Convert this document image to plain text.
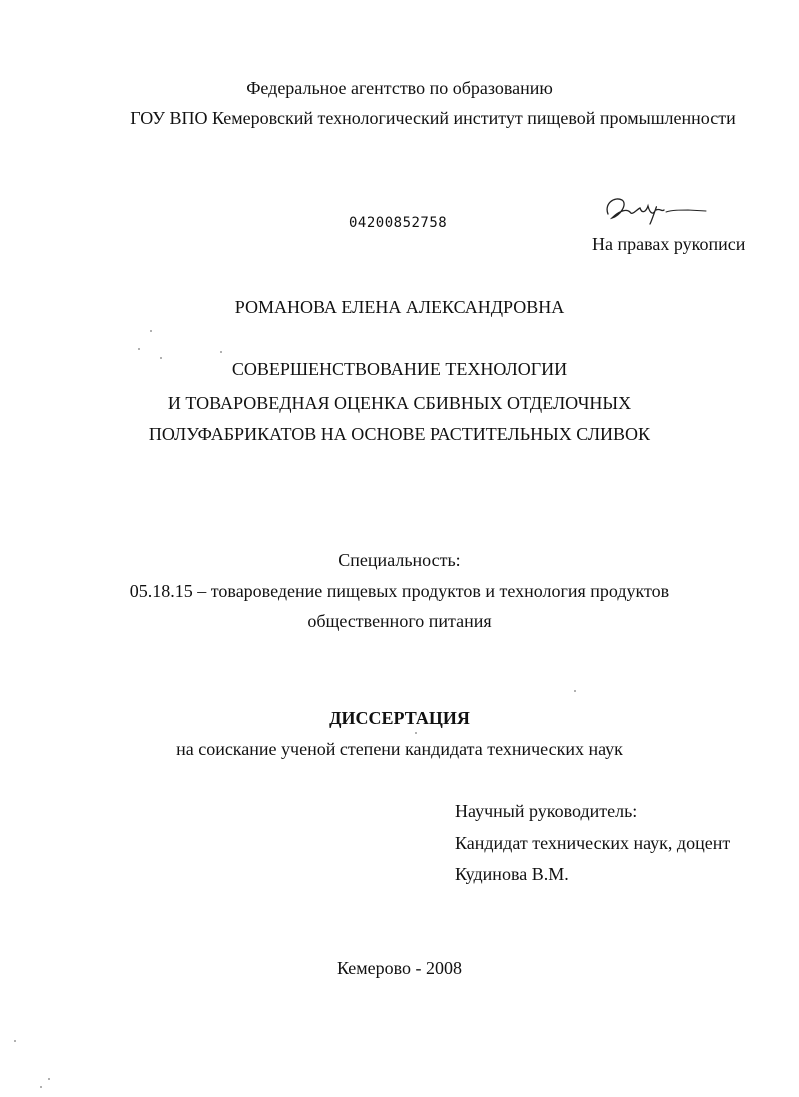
Федеральное агентство по образованию
ГОУ ВПО Кемеровский технологический институт пищевой промышленности
04200852758
На правах рукописи
РОМАНОВА ЕЛЕНА АЛЕКСАНДРОВНА
СОВЕРШЕНСТВОВАНИЕ ТЕХНОЛОГИИ
И ТОВАРОВЕДНАЯ ОЦЕНКА СБИВНЫХ ОТДЕЛОЧНЫХ
ПОЛУФАБРИКАТОВ НА ОСНОВЕ РАСТИТЕЛЬНЫХ СЛИВОК
Специальность:
05.18.15 – товароведение пищевых продуктов и технология продуктов
общественного питания
ДИССЕРТАЦИЯ
на соискание ученой степени кандидата технических наук
Научный руководитель:
Кандидат технических наук, доцент
Кудинова В.М.
Кемерово - 2008
